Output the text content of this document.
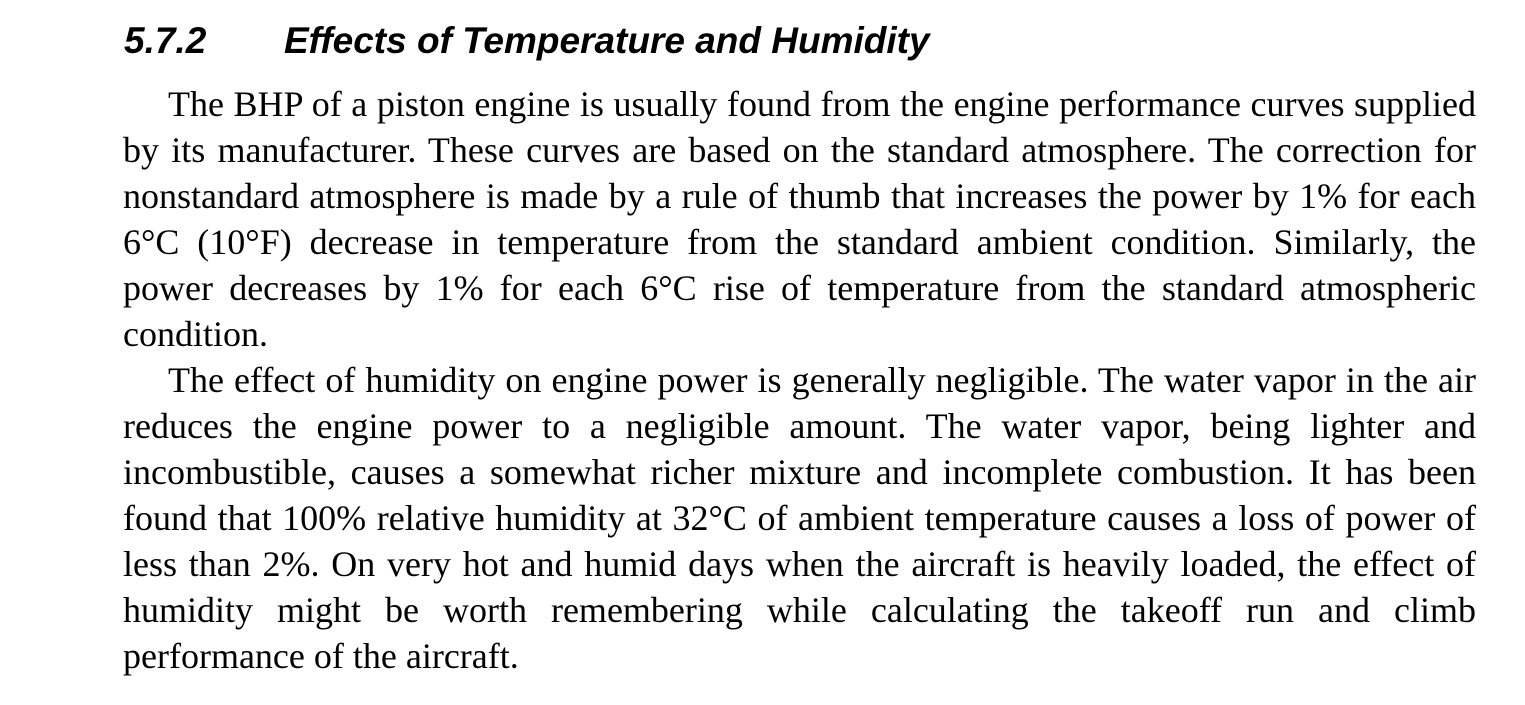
5.7.2 Effects of Temperature and Humidity

The BHP of a piston engine is usually found from the engine performance curves supplied by its manufacturer. These curves are based on the standard atmosphere. The correction for nonstandard atmosphere is made by a rule of thumb that increases the power by 1% for each 6°C (10°F) decrease in temperature from the standard ambient condition. Similarly, the power decreases by 1% for each 6°C rise of temperature from the standard atmospheric condition.

The effect of humidity on engine power is generally negligible. The water vapor in the air reduces the engine power to a negligible amount. The water vapor, being lighter and incombustible, causes a somewhat richer mixture and incomplete combustion. It has been found that 100% relative humidity at 32°C of ambient temperature causes a loss of power of less than 2%. On very hot and humid days when the aircraft is heavily loaded, the effect of humidity might be worth remembering while calculating the takeoff run and climb performance of the aircraft.
